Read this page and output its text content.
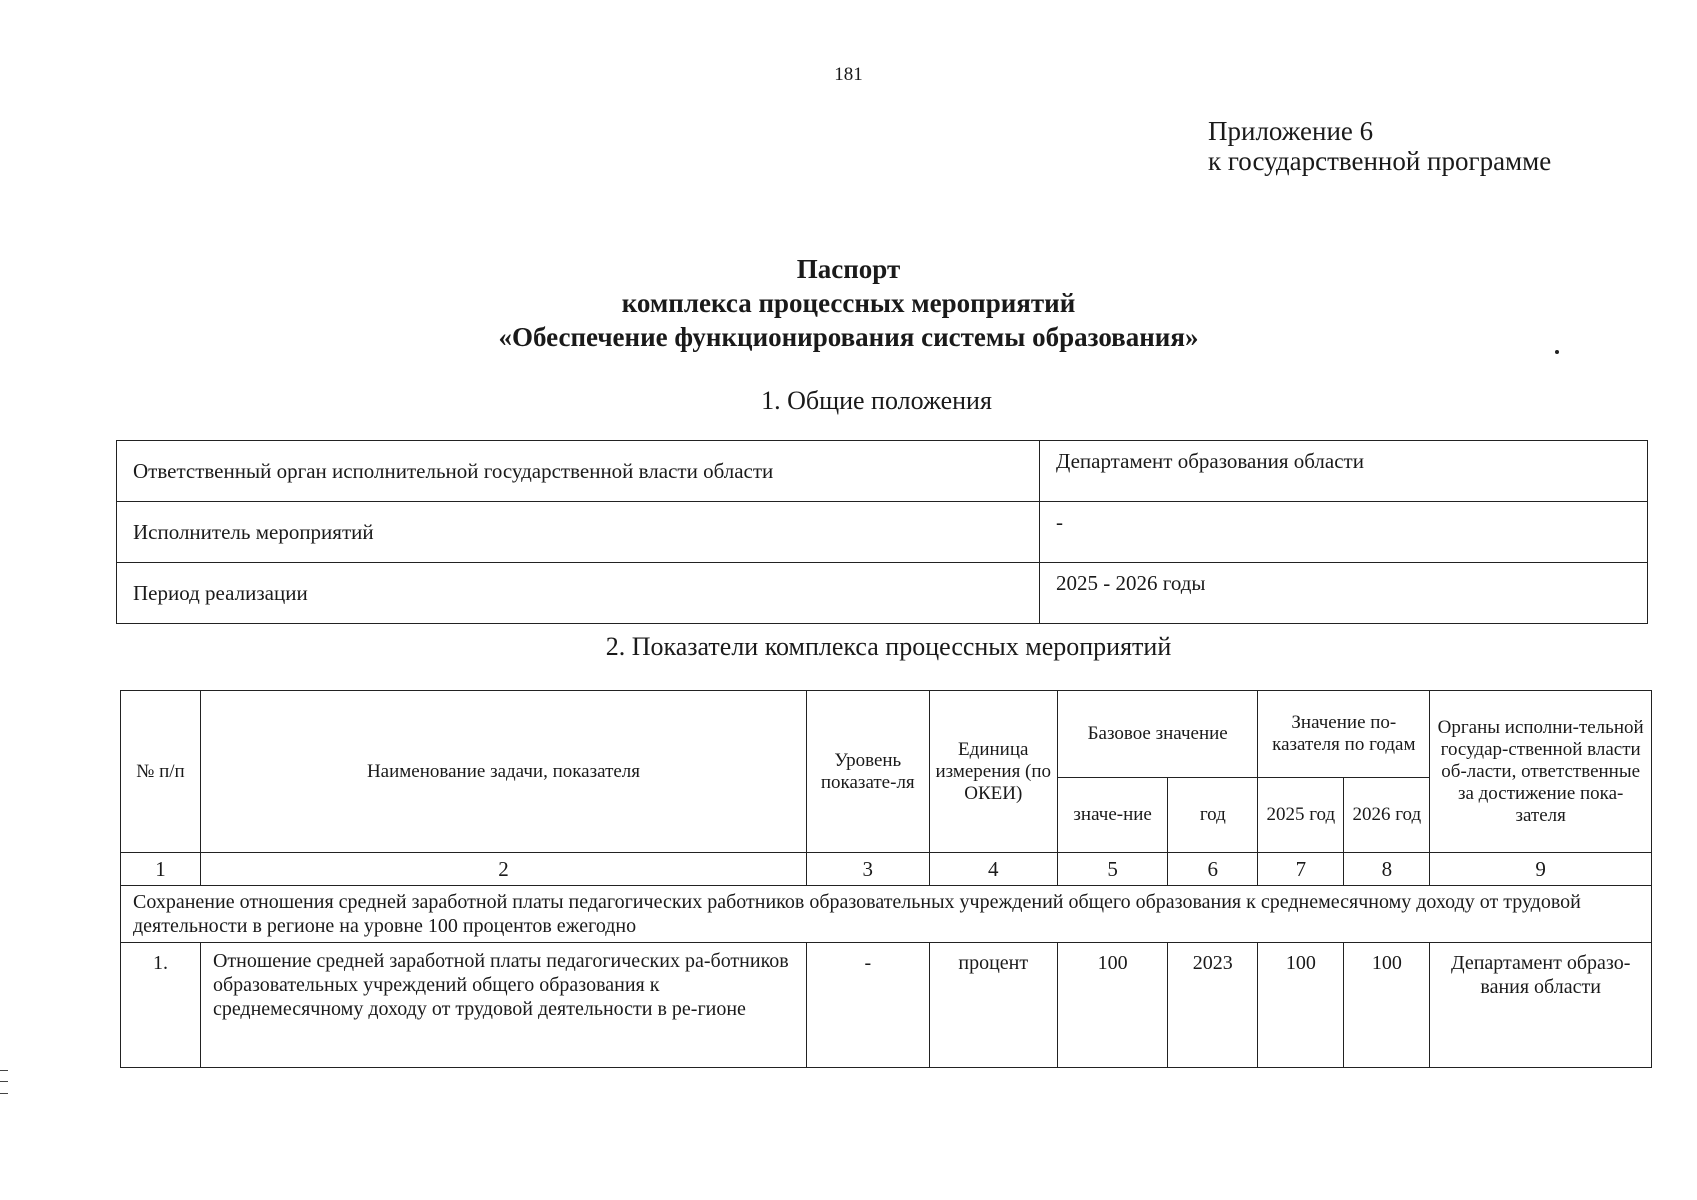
181
Приложение 6
к государственной программе
Паспорт
комплекса процессных мероприятий
«Обеспечение функционирования системы образования»
1. Общие положения
Ответственный орган исполнительной государственной власти области	Департамент образования области
Исполнитель мероприятий	-
Период реализации	2025 - 2026 годы
2. Показатели комплекса процессных мероприятий
№ п/п	Наименование задачи, показателя	Уровень показате-ля	Единица измерения (по ОКЕИ)	Базовое значение		Значение по-казателя по годам		Органы исполни-тельной государ-ственной власти об-ласти, ответственные за достижение пока-зателя
				значе-ние	год	2025 год	2026 год	
1	2	3	4	5	6	7	8	9
Сохранение отношения средней заработной платы педагогических работников образовательных учреждений общего образования к среднемесячному доходу от трудовой деятельности в регионе на уровне 100 процентов ежегодно								
1.	Отношение средней заработной платы педагогических ра-ботников образовательных учреждений общего образования к среднемесячному доходу от трудовой деятельности в ре-гионе	-	процент	100	2023	100	100	Департамент образо-вания области
